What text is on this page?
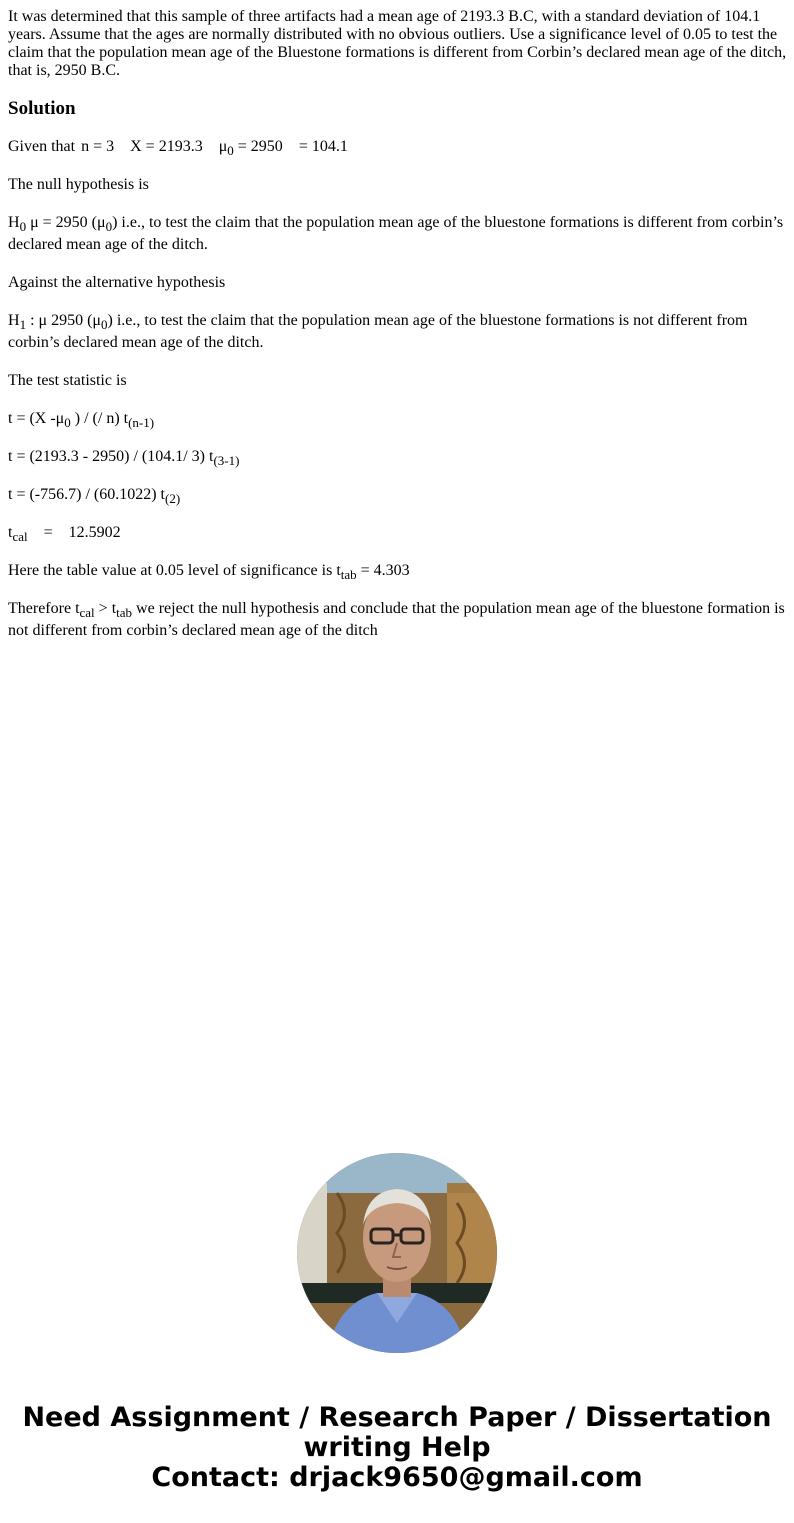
It was determined that this sample of three artifacts had a mean age of 2193.3 B.C, with a standard deviation of 104.1 years. Assume that the ages are normally distributed with no obvious outliers. Use a significance level of 0.05 to test the claim that the population mean age of the Bluestone formations is different from Corbin’s declared mean age of the ditch, that is, 2950 B.C.
Solution

Given that n = 3 X = 2193.3 $\mu_0 = 2950 = 104.1$

The null hypothesis is

$H_0$ μ = 2950 $(\mu_0)$ i.e., to test the claim that the population mean age of the bluestone formations is different from corbin’s declared mean age of the ditch.

Against the alternative hypothesis

$H_1$ : μ 2950 $(\mu_0)$ i.e., to test the claim that the population mean age of the bluestone formations is not different from corbin’s declared mean age of the ditch.

The test statistic is

t = (X $-\mu_0$ ) / (/ n) $t_{(n-1)}$

t = (2193.3 - 2950) / (104.1/ 3) $t_{(3-1)}$

t = (-756.7) / (60.1022) $t_{(2)}$

$t_{cal} = 12.5902$

Here the table value at 0.05 level of significance is $t_{tab} = 4.303$

Therefore $t_{cal} > t_{tab}$ we reject the null hypothesis and conclude that the population mean age of the bluestone formation is not different from corbin’s declared mean age of the ditch

Need Assignment / Research Paper / Dissertation
writing Help
Contact: drjack9650@gmail.com
